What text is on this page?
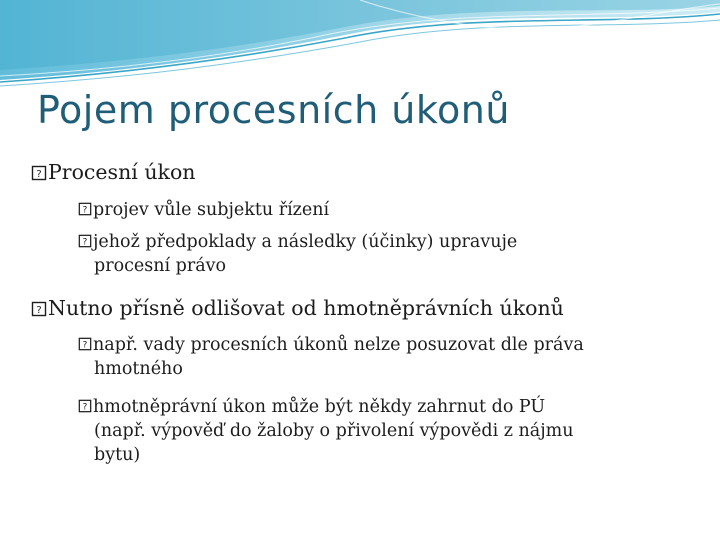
Pojem procesních úkonů

? Procesní úkon

? projev vůle subjektu řízení

? jehož předpoklady a následky (účinky) upravuje
procesní právo

? Nutno přísně odlišovat od hmotněprávních úkonů

? např. vady procesních úkonů nelze posuzovat dle práva
hmotného

? hmotněprávní úkon může být někdy zahrnut do PÚ
(např. výpověď do žaloby o přivolení výpovědi z nájmu
bytu)
